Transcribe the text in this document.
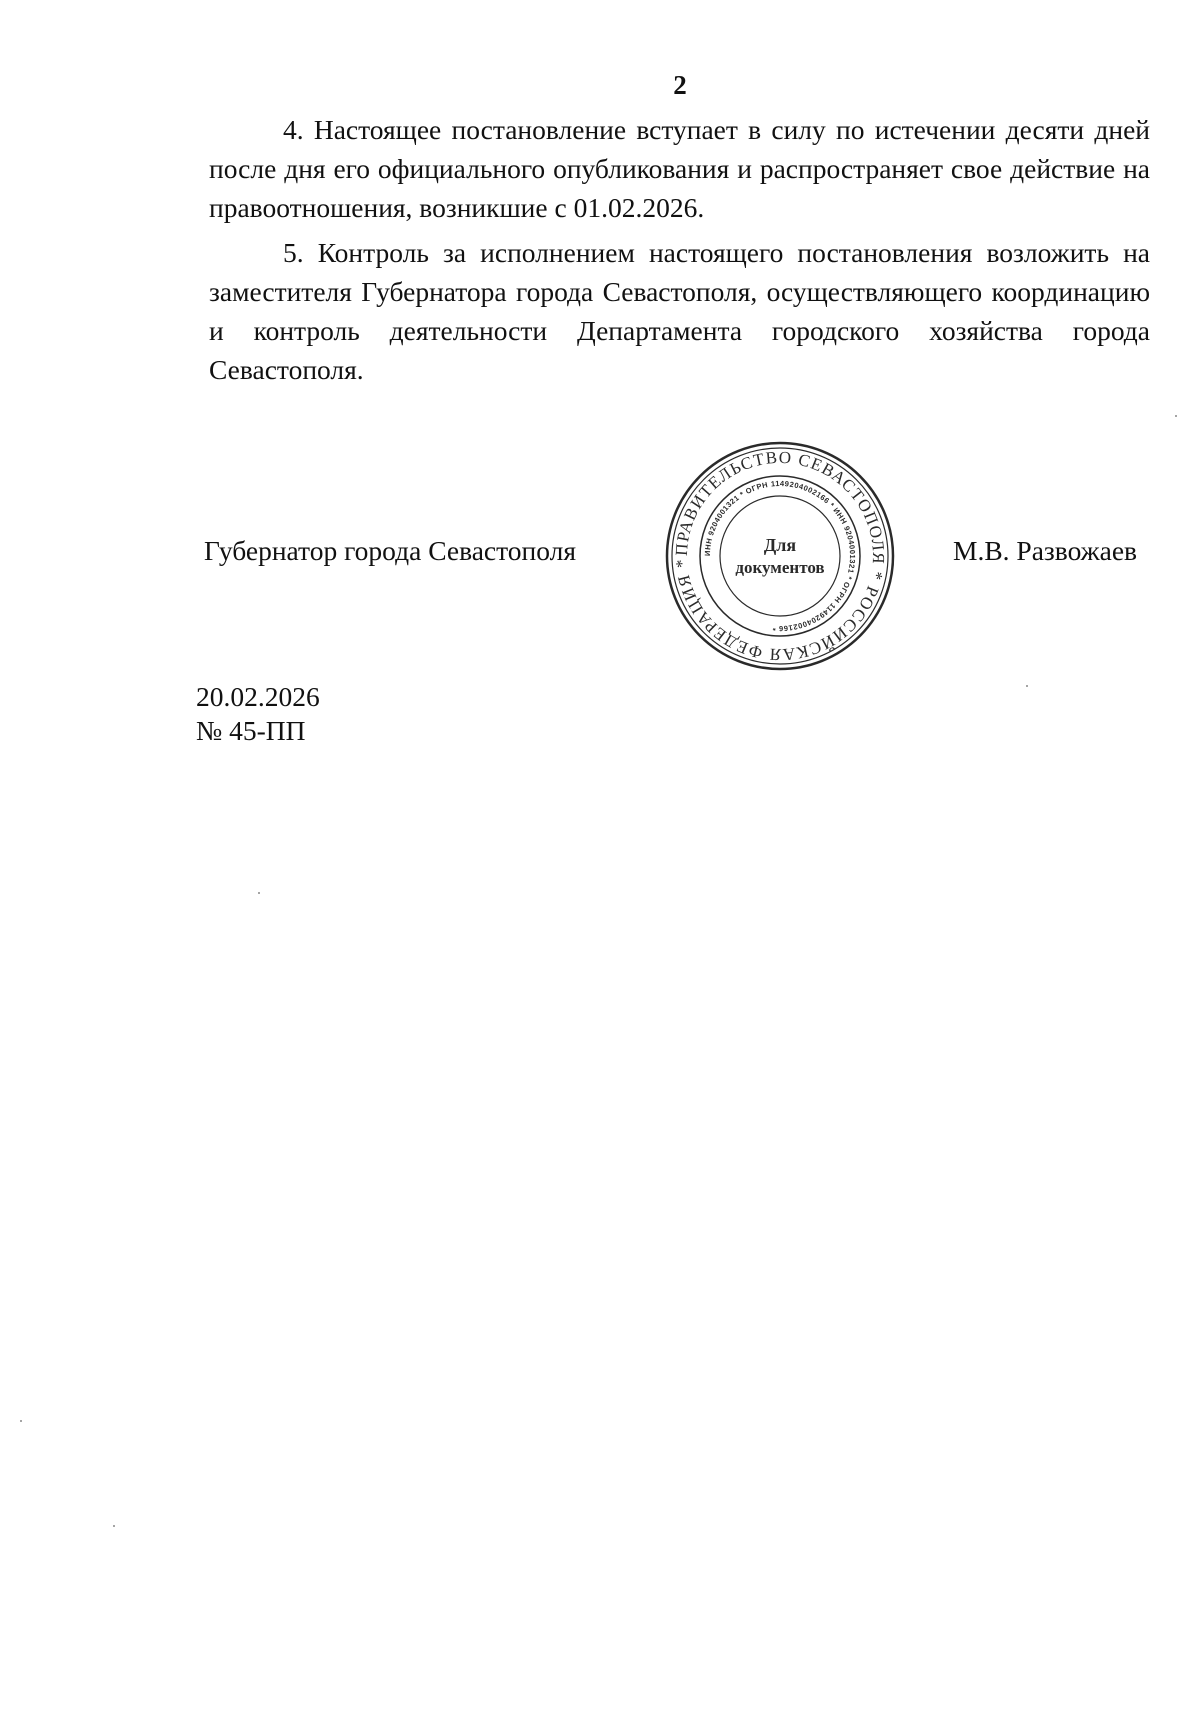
2

4. Настоящее постановление вступает в силу по истечении десяти дней после дня его официального опубликования и распространяет свое действие на правоотношения, возникшие с 01.02.2026.

5. Контроль за исполнением настоящего постановления возложить на заместителя Губернатора города Севастополя, осуществляющего координацию и контроль деятельности Департамента городского хозяйства города Севастополя.

Губернатор города Севастополя	ПРАВИТЕЛЬСТВО СЕВАСТОПОЛЯ * РОССИЙСКАЯ ФЕДЕРАЦИЯ *
ИНН 9204001321 * ОГРН 1149204002166 * ИНН 9204001321 * ОГРН 1149204002166 *
Для
документов
М.В. Развожаев
20.02.2026
№ 45-ПП
